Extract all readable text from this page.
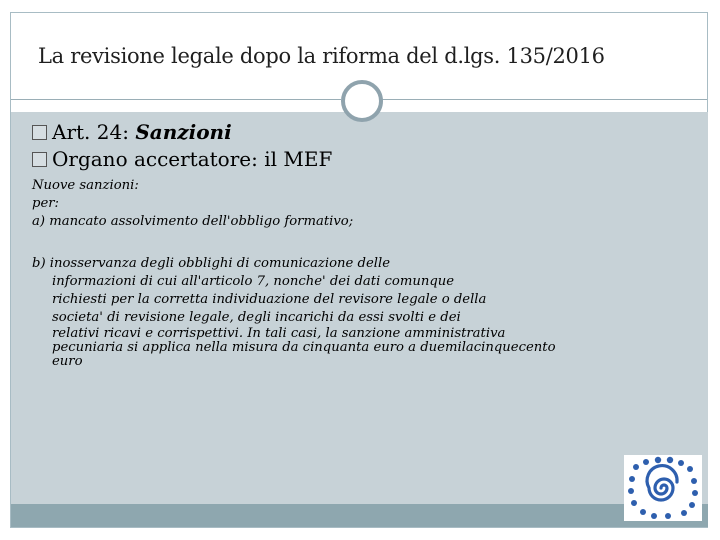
La revisione legale dopo la riforma del d.lgs. 135/2016
Art. 24: Sanzioni
Organo accertatore: il MEF
Nuove sanzioni:
per:
a) mancato assolvimento dell'obbligo formativo;
b) inosservanza degli obblighi di comunicazione delle
informazioni di cui all'articolo 7, nonche' dei dati comunque
richiesti per la corretta individuazione del revisore legale o della
societa' di revisione legale, degli incarichi da essi svolti e dei
relativi ricavi e corrispettivi. In tali casi, la sanzione amministrativa
pecuniaria si applica nella misura da cinquanta euro a duemilacinquecento
euro
